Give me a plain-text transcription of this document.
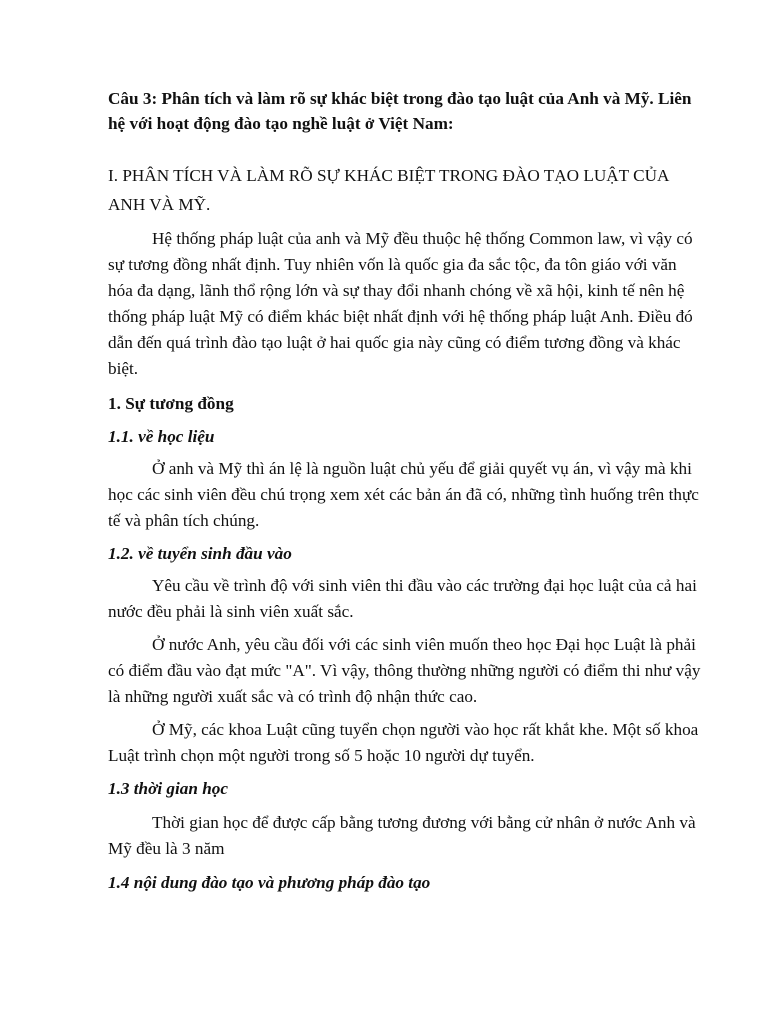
Câu 3: Phân tích và làm rõ sự khác biệt trong đào tạo luật của Anh và Mỹ. Liên

hệ với hoạt động đào tạo nghề luật ở Việt Nam:

I. PHÂN TÍCH VÀ LÀM RÕ SỰ KHÁC BIỆT TRONG ĐÀO TẠO LUẬT CỦA

ANH VÀ MỸ.

Hệ thống pháp luật của anh và Mỹ đều thuộc hệ thống Common law, vì vậy có

sự tương đồng nhất định. Tuy nhiên vốn là quốc gia đa sắc tộc, đa tôn giáo với văn

hóa đa dạng, lãnh thổ rộng lớn và sự thay đổi nhanh chóng về xã hội, kinh tế nên hệ

thống pháp luật Mỹ có điểm khác biệt nhất định với hệ thống pháp luật Anh. Điều đó

dẫn đến quá trình đào tạo luật ở hai quốc gia này cũng có điểm tương đồng và khác

biệt.

1. Sự tương đồng

1.1. về học liệu

Ở anh và Mỹ thì án lệ là nguồn luật chủ yếu để giải quyết vụ án, vì vậy mà khi

học các sinh viên đều chú trọng xem xét các bản án đã có, những tình huống trên thực

tế và phân tích chúng.

1.2. về tuyển sinh đầu vào

Yêu cầu về trình độ với sinh viên thi đầu vào các trường đại học luật của cả hai

nước đều phải là sinh viên xuất sắc.

Ở nước Anh, yêu cầu đối với các sinh viên muốn theo học Đại học Luật là phải

có điểm đầu vào đạt mức "A". Vì vậy, thông thường những người có điểm thi như vậy

là những người xuất sắc và có trình độ nhận thức cao.

Ở Mỹ, các khoa Luật cũng tuyển chọn người vào học rất khắt khe. Một số khoa

Luật trình chọn một người trong số 5 hoặc 10 người dự tuyển.

1.3 thời gian học

Thời gian học để được cấp bằng tương đương với bằng cử nhân ở nước Anh và

Mỹ đều là 3 năm

1.4 nội dung đào tạo và phương pháp đào tạo
